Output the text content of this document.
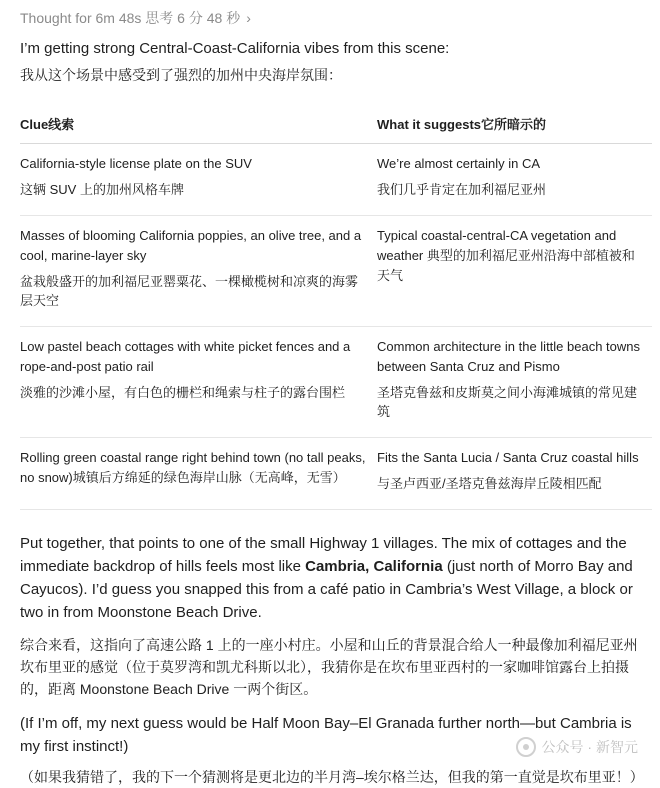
Thought for 6m 48s 思考 6 分 48 秒 ›
I’m getting strong Central-Coast-California vibes from this scene:
我从这个场景中感受到了强烈的加州中央海岸氛围：
Clue线索	What it suggests它所暗示的
California-style license plate on the SUV
这辆 SUV 上的加州风格车牌	We’re almost certainly in CA
我们几乎肯定在加利福尼亚州

Masses of blooming California poppies, an olive tree, and a cool, marine-layer sky
盆栽般盛开的加利福尼亚罂粟花、一棵橄榄树和凉爽的海雾层天空	Typical coastal-central-CA vegetation and weather 典型的加利福尼亚州沿海中部植被和天气
Low pastel beach cottages with white picket fences and a rope-and-post patio rail
淡雅的沙滩小屋，有白色的栅栏和绳索与柱子的露台围栏	Common architecture in the little beach towns between Santa Cruz and Pismo
圣塔克鲁兹和皮斯莫之间小海滩城镇的常见建筑

Rolling green coastal range right behind town (no tall peaks, no snow)城镇后方绵延的绿色海岸山脉（无高峰，无雪）	Fits the Santa Lucia / Santa Cruz coastal hills
与圣卢西亚/圣塔克鲁兹海岸丘陵相匹配
Put together, that points to one of the small Highway 1 villages. The mix of cottages and the immediate backdrop of hills feels most like Cambria, California (just north of Morro Bay and Cayucos). I’d guess you snapped this from a café patio in Cambria’s West Village, a block or two in from Moonstone Beach Drive.
综合来看，这指向了高速公路 1 上的一座小村庄。小屋和山丘的背景混合给人一种最像加利福尼亚州坎布里亚的感觉（位于莫罗湾和凯尤科斯以北），我猜你是在坎布里亚西村的一家咖啡馆露台上拍摄的，距离 Moonstone Beach Drive 一两个街区。
(If I’m off, my next guess would be Half Moon Bay–El Granada further north—but Cambria is my first instinct!)
（如果我猜错了，我的下一个猜测将是更北边的半月湾–埃尔格兰达，但我的第一直觉是坎布里亚！）
公众号 · 新智元
